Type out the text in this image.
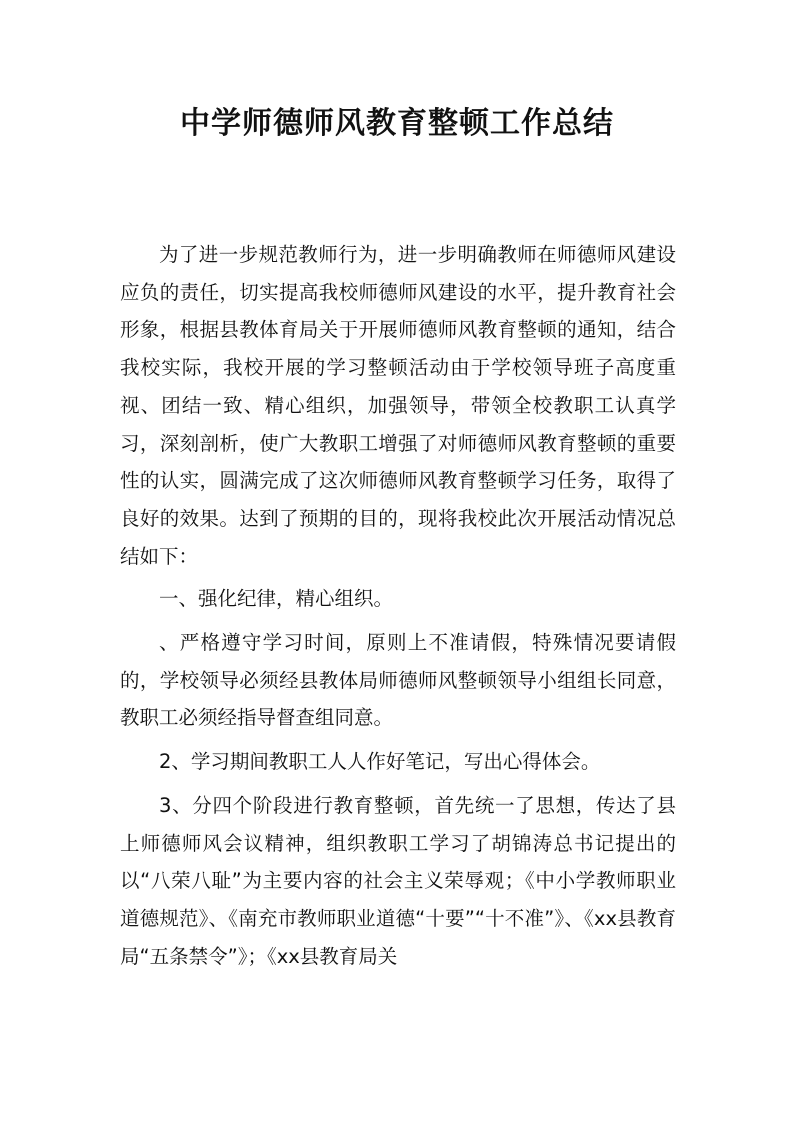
中学师德师风教育整顿工作总结

为了进一步规范教师行为，进一步明确教师在师德师风建设应负的责任，切实提高我校师德师风建设的水平，提升教育社会形象，根据县教体育局关于开展师德师风教育整顿的通知，结合我校实际，我校开展的学习整顿活动由于学校领导班子高度重视、团结一致、精心组织，加强领导，带领全校教职工认真学习，深刻剖析，使广大教职工增强了对师德师风教育整顿的重要性的认实，圆满完成了这次师德师风教育整顿学习任务，取得了良好的效果。达到了预期的目的，现将我校此次开展活动情况总结如下：

一、强化纪律，精心组织。

、严格遵守学习时间，原则上不准请假，特殊情况要请假的，学校领导必须经县教体局师德师风整顿领导小组组长同意，教职工必须经指导督查组同意。

2、学习期间教职工人人作好笔记，写出心得体会。

3、分四个阶段进行教育整顿，首先统一了思想，传达了县上师德师风会议精神，组织教职工学习了胡锦涛总书记提出的以“八荣八耻”为主要内容的社会主义荣辱观；《中小学教师职业道德规范》、《南充市教师职业道德“十要”“十不准”》、《xx县教育局“五条禁令”》；《xx县教育局关
